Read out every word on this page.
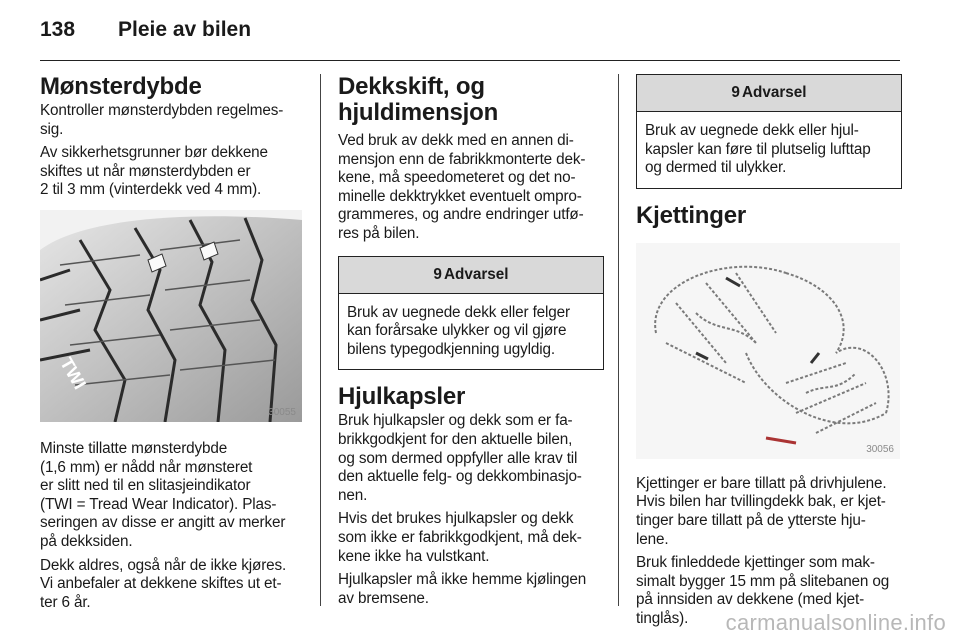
138	Pleie av bilen
Mønsterdybde

Kontroller mønsterdybden regelmes-
sig.

Av sikkerhetsgrunner bør dekkene
skiftes ut når mønsterdybden er
2 til 3 mm (vinterdekk ved 4 mm).

TWI
30055

Minste tillatte mønsterdybde
(1,6 mm) er nådd når mønsteret
er slitt ned til en slitasjeindikator
(TWI = Tread Wear Indicator). Plas-
seringen av disse er angitt av merker
på dekksiden.

Dekk aldres, også når de ikke kjøres.
Vi anbefaler at dekkene skiftes ut et-
ter 6 år.

Dekkskift, og
hjuldimensjon

Ved bruk av dekk med en annen di-
mensjon enn de fabrikkmonterte dek-
kene, må speedometeret og det no-
minelle dekktrykket eventuelt ompro-
grammeres, og andre endringer utfø-
res på bilen.

9 Advarsel

Bruk av uegnede dekk eller felger
kan forårsake ulykker og vil gjøre
bilens typegodkjenning ugyldig.

Hjulkapsler

Bruk hjulkapsler og dekk som er fa-
brikkgodkjent for den aktuelle bilen,
og som dermed oppfyller alle krav til
den aktuelle felg- og dekkombinasjo-
nen.

Hvis det brukes hjulkapsler og dekk
som ikke er fabrikkgodkjent, må dek-
kene ikke ha vulstkant.

Hjulkapsler må ikke hemme kjølingen
av bremsene.

9 Advarsel

Bruk av uegnede dekk eller hjul-
kapsler kan føre til plutselig lufttap
og dermed til ulykker.

Kjettinger
30056

Kjettinger er bare tillatt på drivhjulene.
Hvis bilen har tvillingdekk bak, er kjet-
tinger bare tillatt på de ytterste hju-
lene.

Bruk finleddede kjettinger som mak-
simalt bygger 15 mm på slitebanen og
på innsiden av dekkene (med kjet-
tinglås).	carmanualsonline.info
